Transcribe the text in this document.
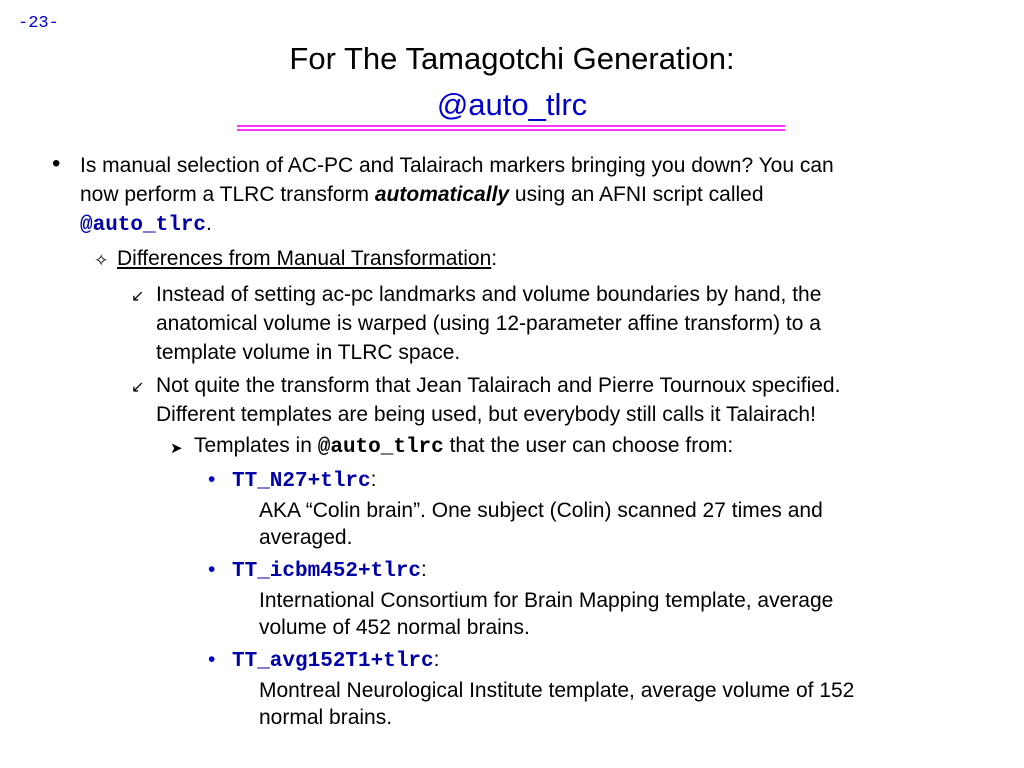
-23-
For The Tamagotchi Generation:
@auto_tlrc
• Is manual selection of AC-PC and Talairach markers bringing you down? You can
now perform a TLRC transform automatically using an AFNI script called
@auto_tlrc.
✧ Differences from Manual Transformation:
↙ Instead of setting ac-pc landmarks and volume boundaries by hand, the
anatomical volume is warped (using 12-parameter affine transform) to a
template volume in TLRC space.
↙ Not quite the transform that Jean Talairach and Pierre Tournoux specified.
Different templates are being used, but everybody still calls it Talairach!
➤ Templates in @auto_tlrc that the user can choose from:
• TT_N27+tlrc:
AKA “Colin brain”. One subject (Colin) scanned 27 times and
averaged.
• TT_icbm452+tlrc:
International Consortium for Brain Mapping template, average
volume of 452 normal brains.
• TT_avg152T1+tlrc:
Montreal Neurological Institute template, average volume of 152
normal brains.
